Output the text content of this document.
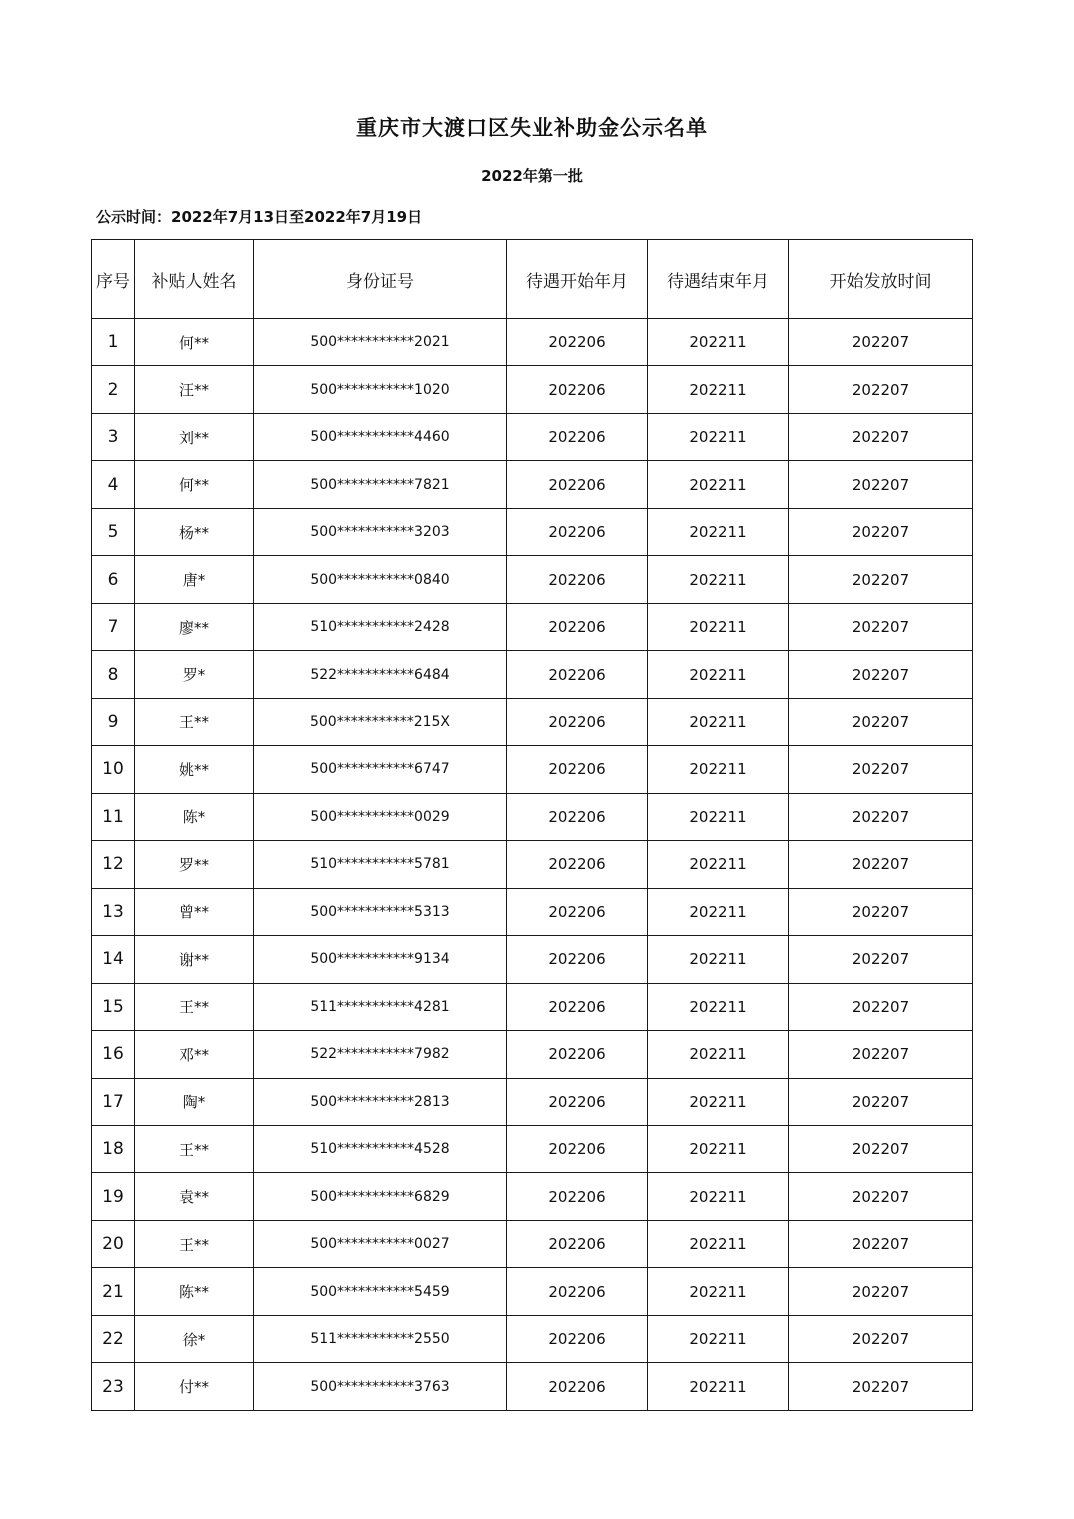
重庆市大渡口区失业补助金公示名单
2022年第一批
公示时间：2022年7月13日至2022年7月19日
序号	补贴人姓名	身份证号	待遇开始年月	待遇结束年月	开始发放时间
1	何**	500***********2021	202206	202211	202207
2	汪**	500***********1020	202206	202211	202207
3	刘**	500***********4460	202206	202211	202207
4	何**	500***********7821	202206	202211	202207
5	杨**	500***********3203	202206	202211	202207
6	唐*	500***********0840	202206	202211	202207
7	廖**	510***********2428	202206	202211	202207
8	罗*	522***********6484	202206	202211	202207
9	王**	500***********215X	202206	202211	202207
10	姚**	500***********6747	202206	202211	202207
11	陈*	500***********0029	202206	202211	202207
12	罗**	510***********5781	202206	202211	202207
13	曾**	500***********5313	202206	202211	202207
14	谢**	500***********9134	202206	202211	202207
15	王**	511***********4281	202206	202211	202207
16	邓**	522***********7982	202206	202211	202207
17	陶*	500***********2813	202206	202211	202207
18	王**	510***********4528	202206	202211	202207
19	袁**	500***********6829	202206	202211	202207
20	王**	500***********0027	202206	202211	202207
21	陈**	500***********5459	202206	202211	202207
22	徐*	511***********2550	202206	202211	202207
23	付**	500***********3763	202206	202211	202207
